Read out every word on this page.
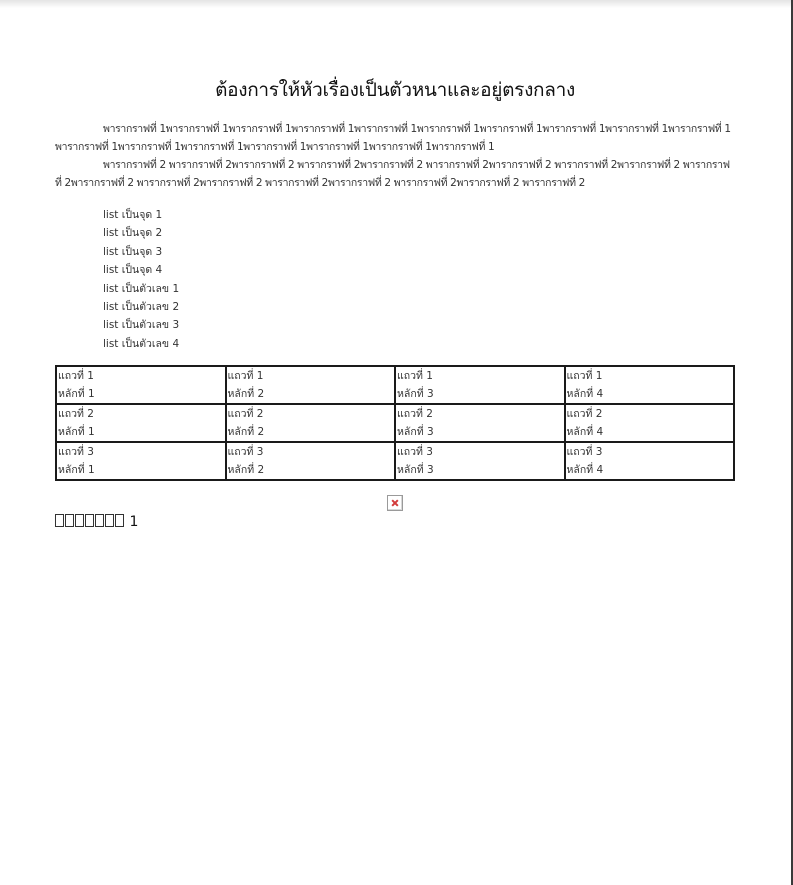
ต้องการให้หัวเรื่องเป็นตัวหนาและอยู่ตรงกลาง

พารากราฟที่ 1พารากราฟที่ 1พารากราฟที่ 1พารากราฟที่ 1พารากราฟที่ 1พารากราฟที่ 1พารากราฟที่ 1พารากราฟที่ 1พารากราฟที่ 1พารากราฟที่ 1พารากราฟที่ 1พารากราฟที่ 1พารากราฟที่ 1พารากราฟที่ 1พารากราฟที่ 1พารากราฟที่ 1พารากราฟที่ 1

พารากราฟที่ 2 พารากราฟที่ 2พารากราฟที่ 2 พารากราฟที่ 2พารากราฟที่ 2 พารากราฟที่ 2พารากราฟที่ 2 พารากราฟที่ 2พารากราฟที่ 2 พารากราฟที่ 2พารากราฟที่ 2 พารากราฟที่ 2พารากราฟที่ 2 พารากราฟที่ 2พารากราฟที่ 2 พารากราฟที่ 2พารากราฟที่ 2 พารากราฟที่ 2

list เป็นจุด 1
list เป็นจุด 2
list เป็นจุด 3
list เป็นจุด 4
list เป็นตัวเลข 1
list เป็นตัวเลข 2
list เป็นตัวเลข 3
list เป็นตัวเลข 4
แถวที่ 1
หลักที่ 1	แถวที่ 1
หลักที่ 2	แถวที่ 1
หลักที่ 3	แถวที่ 1
หลักที่ 4

แถวที่ 2
หลักที่ 1	แถวที่ 2
หลักที่ 2	แถวที่ 2
หลักที่ 3	แถวที่ 2
หลักที่ 4

แถวที่ 3
หลักที่ 1	แถวที่ 3
หลักที่ 2	แถวที่ 3
หลักที่ 3	แถวที่ 3
หลักที่ 4
1
